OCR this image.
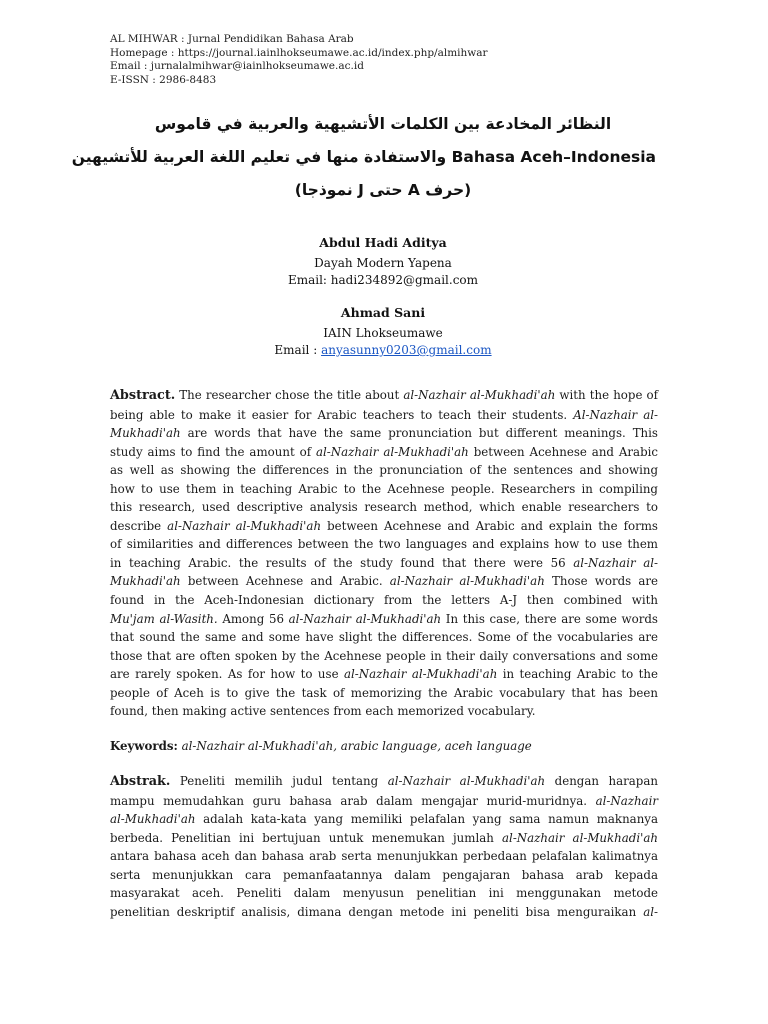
AL MIHWAR : Jurnal Pendidikan Bahasa Arab
Homepage : https://journal.iainlhokseumawe.ac.id/index.php/almihwar
Email : jurnalalmihwar@iainlhokseumawe.ac.id
E-ISSN : 2986-8483
النظائر المخادعة بين الكلمات الأتشيهية والعربية في قاموس
Bahasa Aceh–Indonesia والاستفادة منها في تعليم اللغة العربية للأتشيهين
(حرف A حتى J نموذجا)
Abdul Hadi Aditya
Dayah Modern Yapena
Email: hadi234892@gmail.com
Ahmad Sani
IAIN Lhokseumawe
Email : anyasunny0203@gmail.com
Abstract. The researcher chose the title about al-Nazhair al-Mukhadi'ah with the hope of
being able to make it easier for Arabic teachers to teach their students. Al-Nazhair al-
Mukhadi'ah are words that have the same pronunciation but different meanings. This
study aims to find the amount of al-Nazhair al-Mukhadi'ah between Acehnese and Arabic
as well as showing the differences in the pronunciation of the sentences and showing
how to use them in teaching Arabic to the Acehnese people. Researchers in compiling
this research, used descriptive analysis research method, which enable researchers to
describe al-Nazhair al-Mukhadi'ah between Acehnese and Arabic and explain the forms
of similarities and differences between the two languages and explains how to use them
in teaching Arabic. the results of the study found that there were 56 al-Nazhair al-
Mukhadi'ah between Acehnese and Arabic. al-Nazhair al-Mukhadi'ah Those words are
found in the Aceh-Indonesian dictionary from the letters A-J then combined with
Mu'jam al-Wasith. Among 56 al-Nazhair al-Mukhadi'ah In this case, there are some words
that sound the same and some have slight the differences. Some of the vocabularies are
those that are often spoken by the Acehnese people in their daily conversations and some
are rarely spoken. As for how to use al-Nazhair al-Mukhadi'ah in teaching Arabic to the
people of Aceh is to give the task of memorizing the Arabic vocabulary that has been
found, then making active sentences from each memorized vocabulary.
Keywords: al-Nazhair al-Mukhadi'ah, arabic language, aceh language
Abstrak. Peneliti memilih judul tentang al-Nazhair al-Mukhadi'ah dengan harapan
mampu memudahkan guru bahasa arab dalam mengajar murid-muridnya. al-Nazhair
al-Mukhadi'ah adalah kata-kata yang memiliki pelafalan yang sama namun maknanya
berbeda. Penelitian ini bertujuan untuk menemukan jumlah al-Nazhair al-Mukhadi'ah
antara bahasa aceh dan bahasa arab serta menunjukkan perbedaan pelafalan kalimatnya
serta menunjukkan cara pemanfaatannya dalam pengajaran bahasa arab kepada
masyarakat aceh. Peneliti dalam menyusun penelitian ini menggunakan metode
penelitian deskriptif analisis, dimana dengan metode ini peneliti bisa menguraikan al-
